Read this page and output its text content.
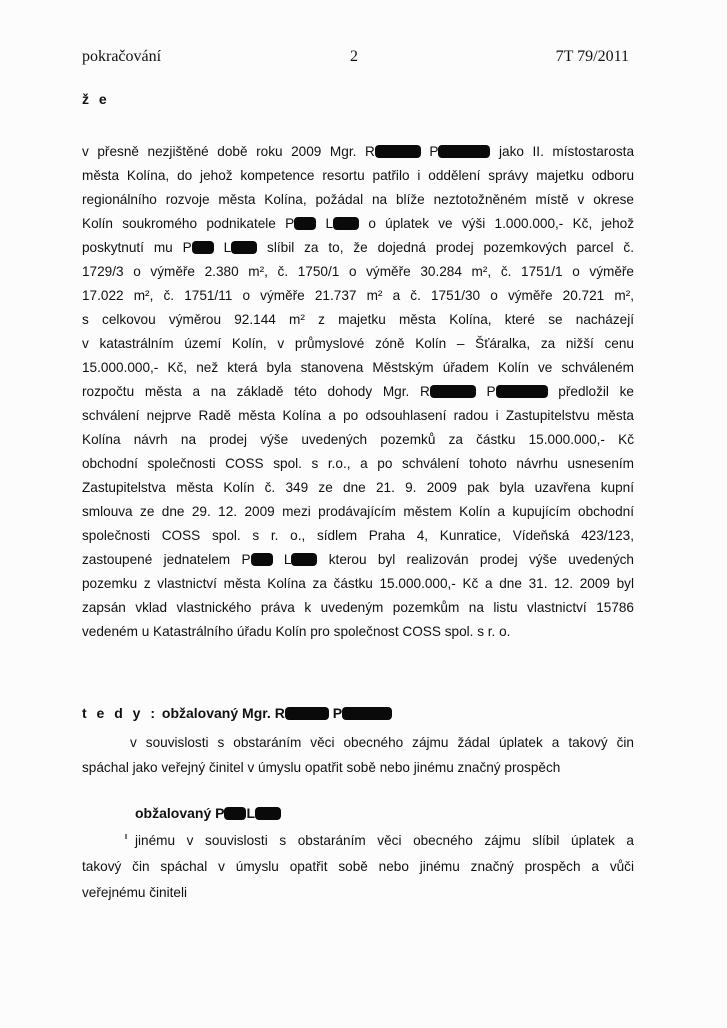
pokračování	2	7T 79/2011
ž e
v přesně nezjištěné době roku 2009 Mgr. R	P	jako II. místostarosta
města Kolína, do jehož kompetence resortu patřilo i oddělení správy majetku odboru
regionálního rozvoje města Kolína, požádal na blíže neztotožněném místě v okrese
Kolín soukromého podnikatele P L  o úplatek ve výši 1.000.000,- Kč, jehož
poskytnutí mu P L  slíbil za to, že dojedná prodej pozemkových parcel č.
1729/3 o výměře 2.380 m², č. 1750/1 o výměře 30.284 m², č. 1751/1 o výměře
17.022 m², č. 1751/11 o výměře 21.737 m² a č. 1751/30 o výměře 20.721 m²,
s celkovou výměrou 92.144 m² z majetku města Kolína, které se nacházejí
v katastrálním území Kolín, v průmyslové zóně Kolín – Šťáralka, za nižší cenu
15.000.000,- Kč, než která byla stanovena Městským úřadem Kolín ve schváleném
rozpočtu města a na základě této dohody Mgr. R	P	předložil ke
schválení nejprve Radě města Kolína a po odsouhlasení radou i Zastupitelstvu města
Kolína návrh na prodej výše uvedených pozemků za částku 15.000.000,- Kč
obchodní společnosti COSS spol. s r.o., a po schválení tohoto návrhu usnesením
Zastupitelstva města Kolín č. 349 ze dne 21. 9. 2009 pak byla uzavřena kupní
smlouva ze dne 29. 12. 2009 mezi prodávajícím městem Kolín a kupujícím obchodní
společnosti COSS spol. s r. o., sídlem Praha 4, Kunratice, Vídeňská 423/123,
zastoupené jednatelem P L  kterou byl realizován prodej výše uvedených
pozemku z vlastnictví města Kolína za částku 15.000.000,- Kč a dne 31. 12. 2009 byl
zapsán vklad vlastnického práva k uvedeným pozemkům na listu vlastnictví 15786
vedeném u Katastrálního úřadu Kolín pro společnost COSS spol. s r. o.
t e d y : obžalovaný Mgr. R	P
v souvislosti s obstaráním věci obecného zájmu žádal úplatek a takový čin
spáchal jako veřejný činitel v úmyslu opatřit sobě nebo jinému značný prospěch
obžalovaný P L
jinému v souvislosti s obstaráním věci obecného zájmu slíbil úplatek a
takový čin spáchal v úmyslu opatřit sobě nebo jinému značný prospěch a vůči
veřejnému činiteli
